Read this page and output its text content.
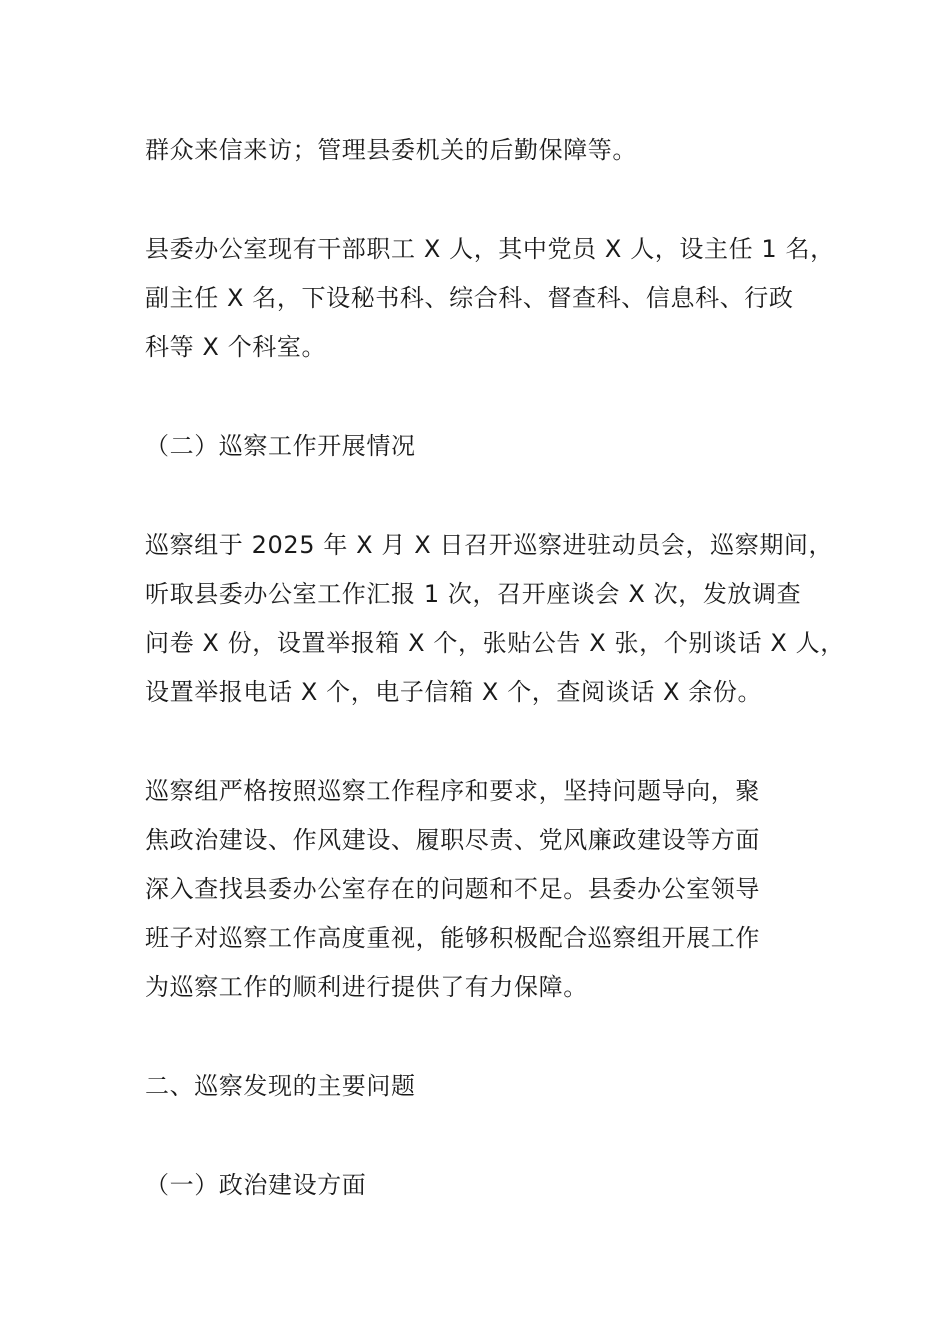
群众来信来访；管理县委机关的后勤保障等。
县委办公室现有干部职工 X 人，其中党员 X 人，设主任 1 名，
副主任 X 名，下设秘书科、综合科、督查科、信息科、行政
科等 X 个科室。
（二）巡察工作开展情况
巡察组于 2025 年 X 月 X 日召开巡察进驻动员会，巡察期间，
听取县委办公室工作汇报 1 次，召开座谈会 X 次，发放调查
问卷 X 份，设置举报箱 X 个，张贴公告 X 张，个别谈话 X 人，
设置举报电话 X 个，电子信箱 X 个，查阅谈话 X 余份。
巡察组严格按照巡察工作程序和要求，坚持问题导向，聚
焦政治建设、作风建设、履职尽责、党风廉政建设等方面
深入查找县委办公室存在的问题和不足。县委办公室领导
班子对巡察工作高度重视，能够积极配合巡察组开展工作
为巡察工作的顺利进行提供了有力保障。
二、巡察发现的主要问题
（一）政治建设方面
